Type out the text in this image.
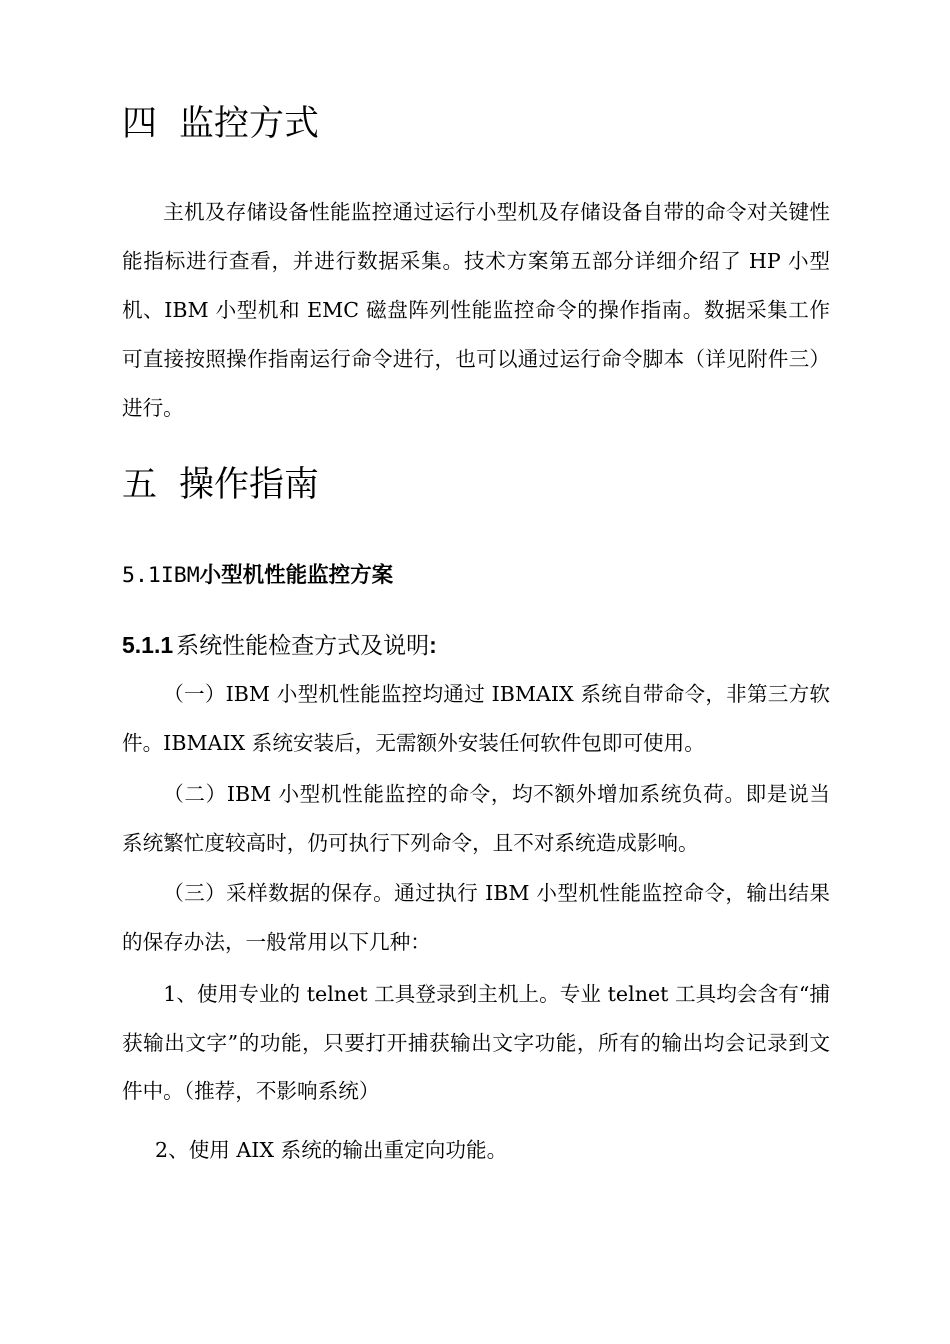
四 监控方式

主机及存储设备性能监控通过运行小型机及存储设备自带的命令对关键性能指标进行查看，并进行数据采集。技术方案第五部分详细介绍了 HP 小型机、IBM 小型机和 EMC 磁盘阵列性能监控命令的操作指南。数据采集工作可直接按照操作指南运行命令进行，也可以通过运行命令脚本（详见附件三）进行。

五 操作指南
5.1IBM小型机性能监控方案
5.1.1 系统性能检查方式及说明:

（一）IBM 小型机性能监控均通过 IBMAIX 系统自带命令，非第三方软件。IBMAIX 系统安装后，无需额外安装任何软件包即可使用。

（二）IBM 小型机性能监控的命令，均不额外增加系统负荷。即是说当系统繁忙度较高时，仍可执行下列命令，且不对系统造成影响。

（三）采样数据的保存。通过执行 IBM 小型机性能监控命令，输出结果的保存办法，一般常用以下几种：

1、使用专业的 telnet 工具登录到主机上。专业 telnet 工具均会含有“捕获输出文字”的功能，只要打开捕获输出文字功能，所有的输出均会记录到文件中。（推荐，不影响系统）

2、使用 AIX 系统的输出重定向功能。
